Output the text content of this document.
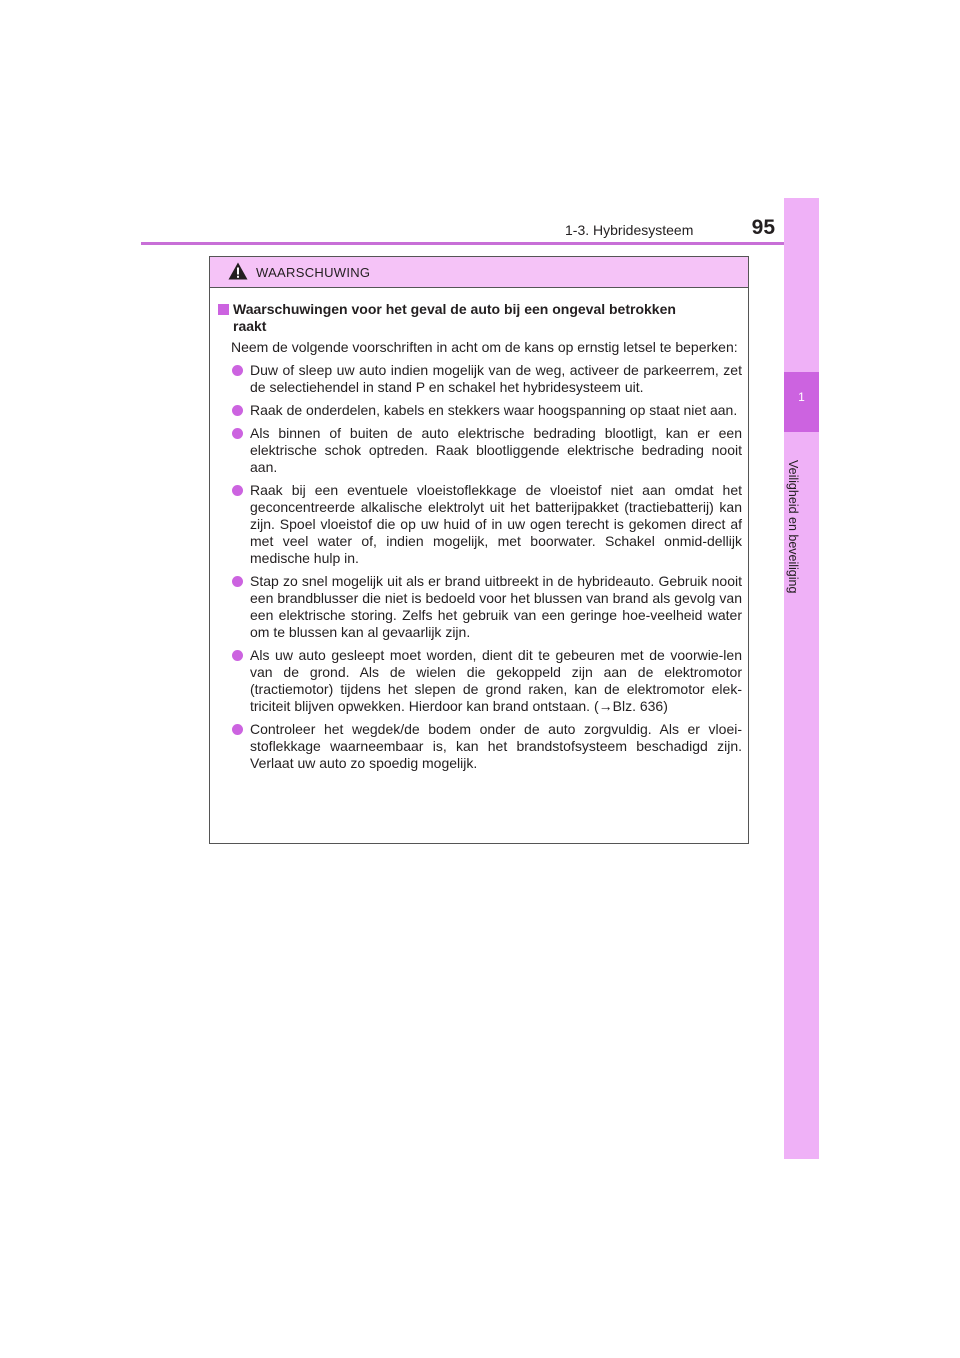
1-3. Hybridesysteem	95
1
Veiligheid en beveiliging
WAARSCHUWING
Waarschuwingen voor het geval de auto bij een ongeval betrokken raakt
Neem de volgende voorschriften in acht om de kans op ernstig letsel te beperken:
Duw of sleep uw auto indien mogelijk van de weg, activeer de parkeerrem, zet de selectiehendel in stand P en schakel het hybridesysteem uit.
Raak de onderdelen, kabels en stekkers waar hoogspanning op staat niet aan.
Als binnen of buiten de auto elektrische bedrading blootligt, kan er een elektrische schok optreden. Raak blootliggende elektrische bedrading nooit aan.
Raak bij een eventuele vloeistoflekkage de vloeistof niet aan omdat het geconcentreerde alkalische elektrolyt uit het batterijpakket (tractiebatterij) kan zijn. Spoel vloeistof die op uw huid of in uw ogen terecht is gekomen direct af met veel water of, indien mogelijk, met boorwater. Schakel onmid-dellijk medische hulp in.
Stap zo snel mogelijk uit als er brand uitbreekt in de hybrideauto. Gebruik nooit een brandblusser die niet is bedoeld voor het blussen van brand als gevolg van een elektrische storing. Zelfs het gebruik van een geringe hoe-veelheid water om te blussen kan al gevaarlijk zijn.
Als uw auto gesleept moet worden, dient dit te gebeuren met de voorwie-len van de grond. Als de wielen die gekoppeld zijn aan de elektromotor (tractiemotor) tijdens het slepen de grond raken, kan de elektromotor elek-triciteit blijven opwekken. Hierdoor kan brand ontstaan. (→Blz. 636)
Controleer het wegdek/de bodem onder de auto zorgvuldig. Als er vloei-stoflekkage waarneembaar is, kan het brandstofsysteem beschadigd zijn. Verlaat uw auto zo spoedig mogelijk.
